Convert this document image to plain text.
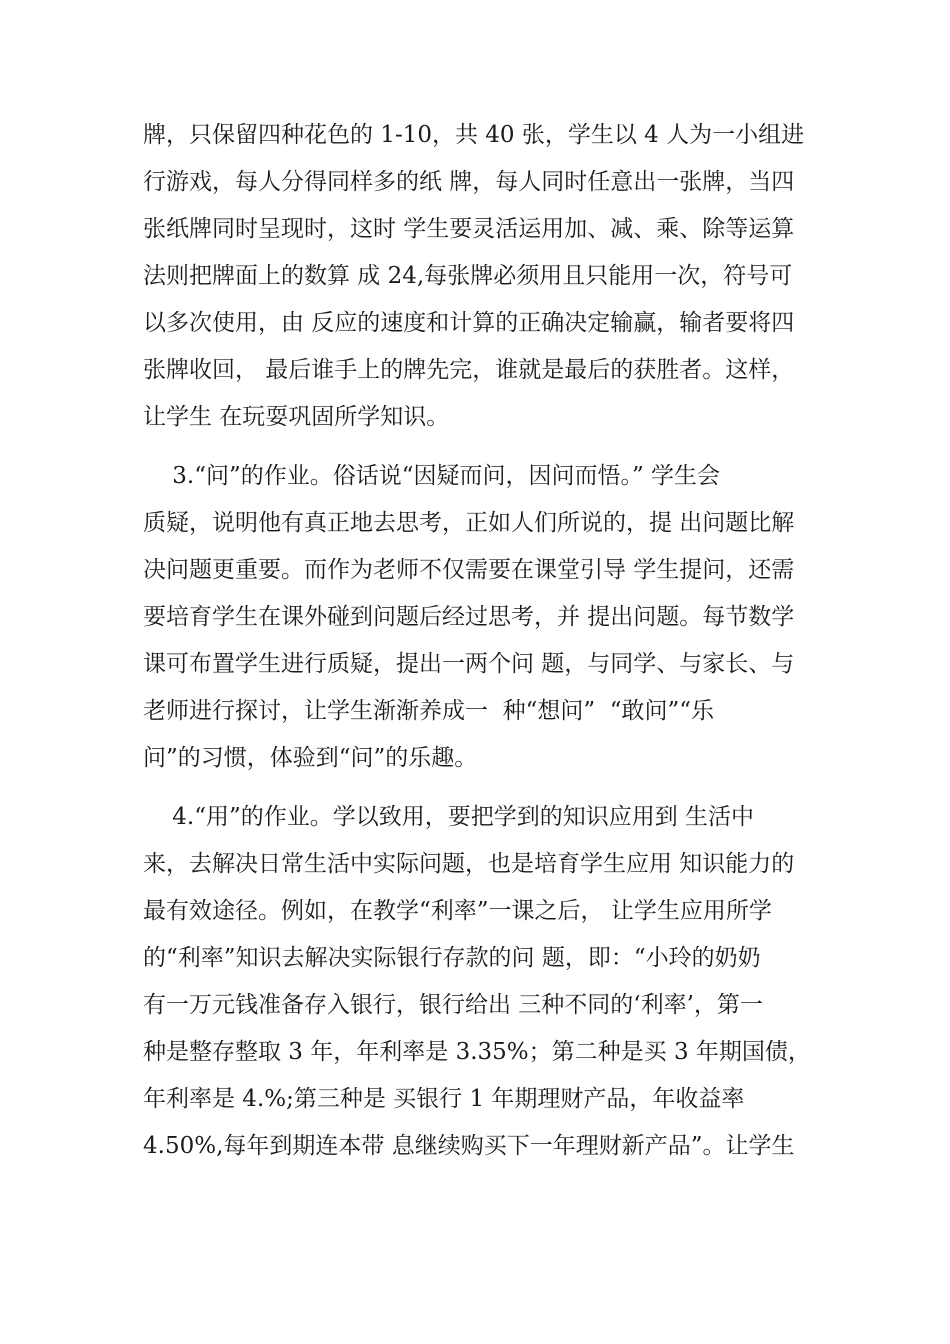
牌，只保留四种花色的 1-10，共 40 张，学生以 4 人为一小组进
行游戏，每人分得同样多的纸 牌，每人同时任意出一张牌，当四
张纸牌同时呈现时，这时 学生要灵活运用加、减、乘、除等运算
法则把牌面上的数算 成 24,每张牌必须用且只能用一次，符号可
以多次使用，由 反应的速度和计算的正确决定输赢，输者要将四
张牌收回， 最后谁手上的牌先完，谁就是最后的获胜者。这样，
让学生 在玩耍巩固所学知识。
3.“问”的作业。俗话说“因疑而问，因问而悟。” 学生会
质疑，说明他有真正地去思考，正如人们所说的，提 出问题比解
决问题更重要。而作为老师不仅需要在课堂引导 学生提问，还需
要培育学生在课外碰到问题后经过思考，并 提出问题。每节数学
课可布置学生进行质疑，提出一两个问 题，与同学、与家长、与
老师进行探讨，让学生渐渐养成一  种“想问”  “敢问”“乐
问”的习惯，体验到“问”的乐趣。
4.“用”的作业。学以致用，要把学到的知识应用到 生活中
来，去解决日常生活中实际问题，也是培育学生应用 知识能力的
最有效途径。例如，在教学“利率”一课之后， 让学生应用所学
的“利率”知识去解决实际银行存款的问 题，即：“小玲的奶奶
有一万元钱准备存入银行，银行给出 三种不同的‘利率’，第一
种是整存整取 3 年，年利率是 3.35%；第二种是买 3 年期国债，
年利率是 4.%;第三种是 买银行 1 年期理财产品，年收益率
4.50%,每年到期连本带 息继续购买下一年理财新产品”。让学生
